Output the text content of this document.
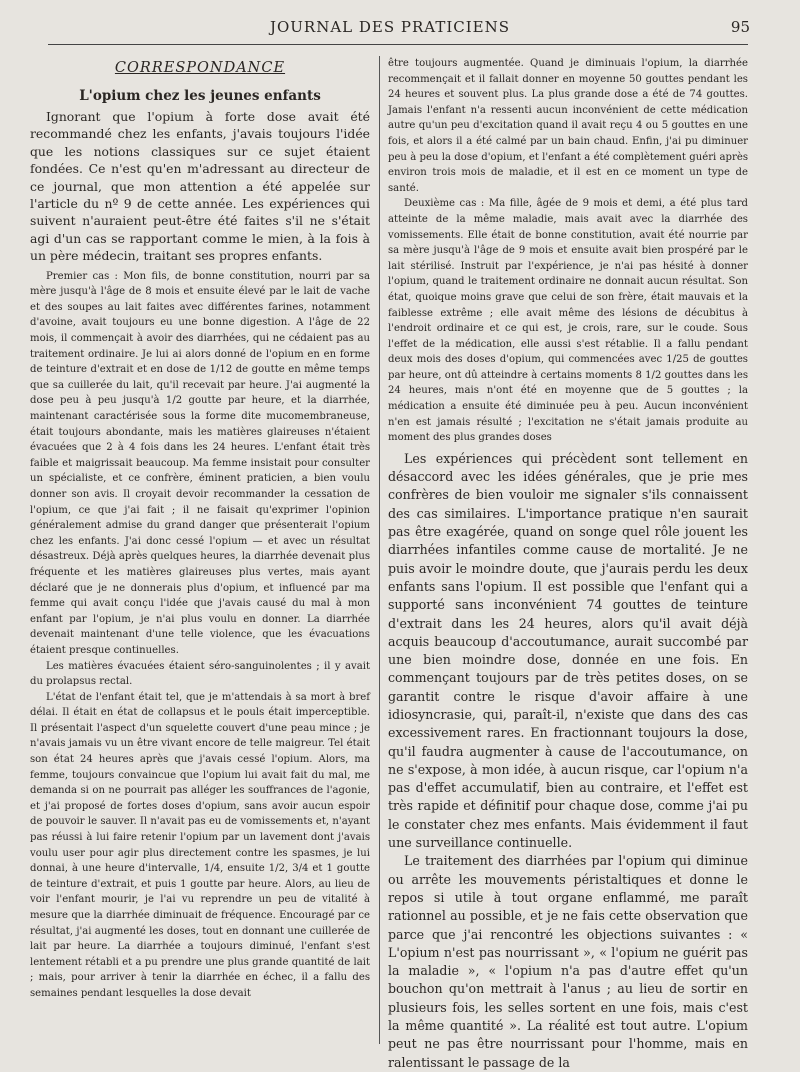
JOURNAL DES PRATICIENS	95
CORRESPONDANCE
L'opium chez les jeunes enfants

Ignorant que l'opium à forte dose avait été recommandé chez les enfants, j'avais toujours l'idée que les notions classiques sur ce sujet étaient fondées. Ce n'est qu'en m'adressant au directeur de ce journal, que mon attention a été appelée sur l'article du nº 9 de cette année. Les expériences qui suivent n'auraient peut-être été faites s'il ne s'était agi d'un cas se rapportant comme le mien, à la fois à un père médecin, traitant ses propres enfants.

Premier cas : Mon fils, de bonne constitution, nourri par sa mère jusqu'à l'âge de 8 mois et ensuite élevé par le lait de vache et des soupes au lait faites avec différentes farines, notamment d'avoine, avait toujours eu une bonne digestion. A l'âge de 22 mois, il commençait à avoir des diarrhées, qui ne cédaient pas au traitement ordinaire. Je lui ai alors donné de l'opium en en forme de teinture d'extrait et en dose de 1/12 de goutte en même temps que sa cuillerée du lait, qu'il recevait par heure. J'ai augmenté la dose peu à peu jusqu'à 1/2 goutte par heure, et la diarrhée, maintenant caractérisée sous la forme dite mucomembraneuse, était toujours abondante, mais les matières glaireuses n'étaient évacuées que 2 à 4 fois dans les 24 heures. L'enfant était très faible et maigrissait beaucoup. Ma femme insistait pour consulter un spécialiste, et ce confrère, éminent praticien, a bien voulu donner son avis. Il croyait devoir recommander la cessation de l'opium, ce que j'ai fait ; il ne faisait qu'exprimer l'opinion généralement admise du grand danger que présenterait l'opium chez les enfants. J'ai donc cessé l'opium — et avec un résultat désastreux. Déjà après quelques heures, la diarrhée devenait plus fréquente et les matières glaireuses plus vertes, mais ayant déclaré que je ne donnerais plus d'opium, et influencé par ma femme qui avait conçu l'idée que j'avais causé du mal à mon enfant par l'opium, je n'ai plus voulu en donner. La diarrhée devenait maintenant d'une telle violence, que les évacuations étaient presque continuelles.

Les matières évacuées étaient séro-sanguinolentes ; il y avait du prolapsus rectal.

L'état de l'enfant était tel, que je m'attendais à sa mort à bref délai. Il était en état de collapsus et le pouls était imperceptible. Il présentait l'aspect d'un squelette couvert d'une peau mince ; je n'avais jamais vu un être vivant encore de telle maigreur. Tel était son état 24 heures après que j'avais cessé l'opium. Alors, ma femme, toujours convaincue que l'opium lui avait fait du mal, me demanda si on ne pourrait pas alléger les souffrances de l'agonie, et j'ai proposé de fortes doses d'opium, sans avoir aucun espoir de pouvoir le sauver. Il n'avait pas eu de vomissements et, n'ayant pas réussi à lui faire retenir l'opium par un lavement dont j'avais voulu user pour agir plus directement contre les spasmes, je lui donnai, à une heure d'intervalle, 1/4, ensuite 1/2, 3/4 et 1 goutte de teinture d'extrait, et puis 1 goutte par heure. Alors, au lieu de voir l'enfant mourir, je l'ai vu reprendre un peu de vitalité à mesure que la diarrhée diminuait de fréquence. Encouragé par ce résultat, j'ai augmenté les doses, tout en donnant une cuillerée de lait par heure. La diarrhée a toujours diminué, l'enfant s'est lentement rétabli et a pu prendre une plus grande quantité de lait ; mais, pour arriver à tenir la diarrhée en échec, il a fallu des semaines pendant lesquelles la dose devait

être toujours augmentée. Quand je diminuais l'opium, la diarrhée recommençait et il fallait donner en moyenne 50 gouttes pendant les 24 heures et souvent plus. La plus grande dose a été de 74 gouttes. Jamais l'enfant n'a ressenti aucun inconvénient de cette médication autre qu'un peu d'excitation quand il avait reçu 4 ou 5 gouttes en une fois, et alors il a été calmé par un bain chaud. Enfin, j'ai pu diminuer peu à peu la dose d'opium, et l'enfant a été complètement guéri après environ trois mois de maladie, et il est en ce moment un type de santé.

Deuxième cas : Ma fille, âgée de 9 mois et demi, a été plus tard atteinte de la même maladie, mais avait avec la diarrhée des vomissements. Elle était de bonne constitution, avait été nourrie par sa mère jusqu'à l'âge de 9 mois et ensuite avait bien prospéré par le lait stérilisé. Instruit par l'expérience, je n'ai pas hésité à donner l'opium, quand le traitement ordinaire ne donnait aucun résultat. Son état, quoique moins grave que celui de son frère, était mauvais et la faiblesse extrême ; elle avait même des lésions de décubitus à l'endroit ordinaire et ce qui est, je crois, rare, sur le coude. Sous l'effet de la médication, elle aussi s'est rétablie. Il a fallu pendant deux mois des doses d'opium, qui commencées avec 1/25 de gouttes par heure, ont dû atteindre à certains moments 8 1/2 gouttes dans les 24 heures, mais n'ont été en moyenne que de 5 gouttes ; la médication a ensuite été diminuée peu à peu. Aucun inconvénient n'en est jamais résulté ; l'excitation ne s'était jamais produite au moment des plus grandes doses

Les expériences qui précèdent sont tellement en désaccord avec les idées générales, que je prie mes confrères de bien vouloir me signaler s'ils connaissent des cas similaires. L'importance pratique n'en saurait pas être exagérée, quand on songe quel rôle jouent les diarrhées infantiles comme cause de mortalité. Je ne puis avoir le moindre doute, que j'aurais perdu les deux enfants sans l'opium. Il est possible que l'enfant qui a supporté sans inconvénient 74 gouttes de teinture d'extrait dans les 24 heures, alors qu'il avait déjà acquis beaucoup d'accoutumance, aurait succombé par une bien moindre dose, donnée en une fois. En commençant toujours par de très petites doses, on se garantit contre le risque d'avoir affaire à une idiosyncrasie, qui, paraît-il, n'existe que dans des cas excessivement rares. En fractionnant toujours la dose, qu'il faudra augmenter à cause de l'accoutumance, on ne s'expose, à mon idée, à aucun risque, car l'opium n'a pas d'effet accumulatif, bien au contraire, et l'effet est très rapide et définitif pour chaque dose, comme j'ai pu le constater chez mes enfants. Mais évidemment il faut une surveillance continuelle.

Le traitement des diarrhées par l'opium qui diminue ou arrête les mouvements péristaltiques et donne le repos si utile à tout organe enflammé, me paraît rationnel au possible, et je ne fais cette observation que parce que j'ai rencontré les objections suivantes : « L'opium n'est pas nourrissant », « l'opium ne guérit pas la maladie », « l'opium n'a pas d'autre effet qu'un bouchon qu'on mettrait à l'anus ; au lieu de sortir en plusieurs fois, les selles sortent en une fois, mais c'est la même quantité ». La réalité est tout autre. L'opium peut ne pas être nourrissant pour l'homme, mais en ralentissant le passage de la
